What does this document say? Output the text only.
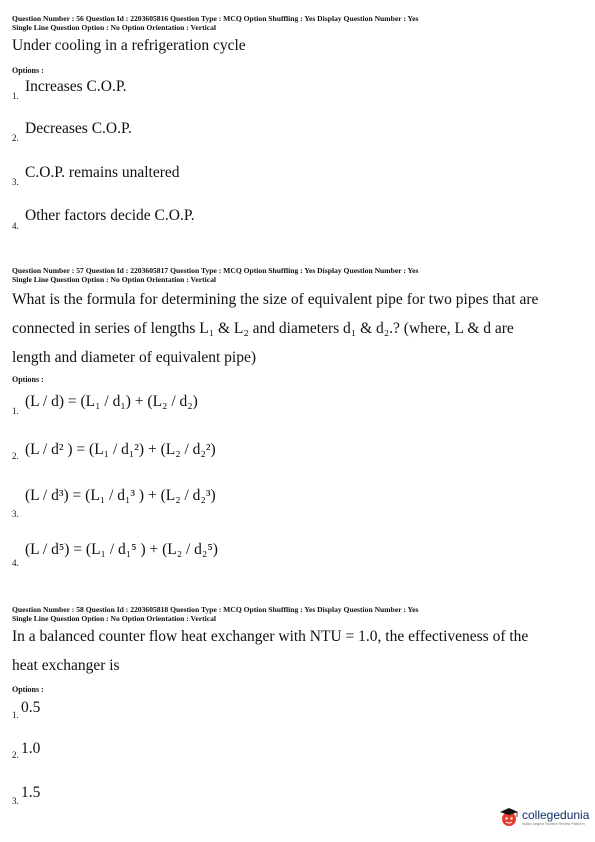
Question Number : 56 Question Id : 2203605816 Question Type : MCQ Option Shuffling : Yes Display Question Number : Yes
Single Line Question Option : No Option Orientation : Vertical
Under cooling in a refrigeration cycle
Options :
1.
Increases C.O.P.
2.
Decreases C.O.P.
3.
C.O.P. remains unaltered
4.
Other factors decide C.O.P.
Question Number : 57 Question Id : 2203605817 Question Type : MCQ Option Shuffling : Yes Display Question Number : Yes
Single Line Question Option : No Option Orientation : Vertical
What is the formula for determining the size of equivalent pipe for two pipes that are
connected in series of lengths L₁ & L₂ and diameters d₁ & d₂.? (where, L & d are
length and diameter of equivalent pipe)
Options :
1.
(L / d) = (L₁ / d₁) + (L₂ / d₂)
2. (L / d² ) = (L₁ / d₁²) + (L₂ / d₂²)
3.
(L / d³) = (L₁ / d₁³ ) + (L₂ / d₂³)
4.
(L / d⁵) = (L₁ / d₁⁵ ) + (L₂ / d₂⁵)
Question Number : 58 Question Id : 2203605818 Question Type : MCQ Option Shuffling : Yes Display Question Number : Yes
Single Line Question Option : No Option Orientation : Vertical
In a balanced counter flow heat exchanger with NTU = 1.0, the effectiveness of the
heat exchanger is
Options :
1. 0.5
2. 1.0
3. 1.5
collegedunia
India's largest Student Review Platform
